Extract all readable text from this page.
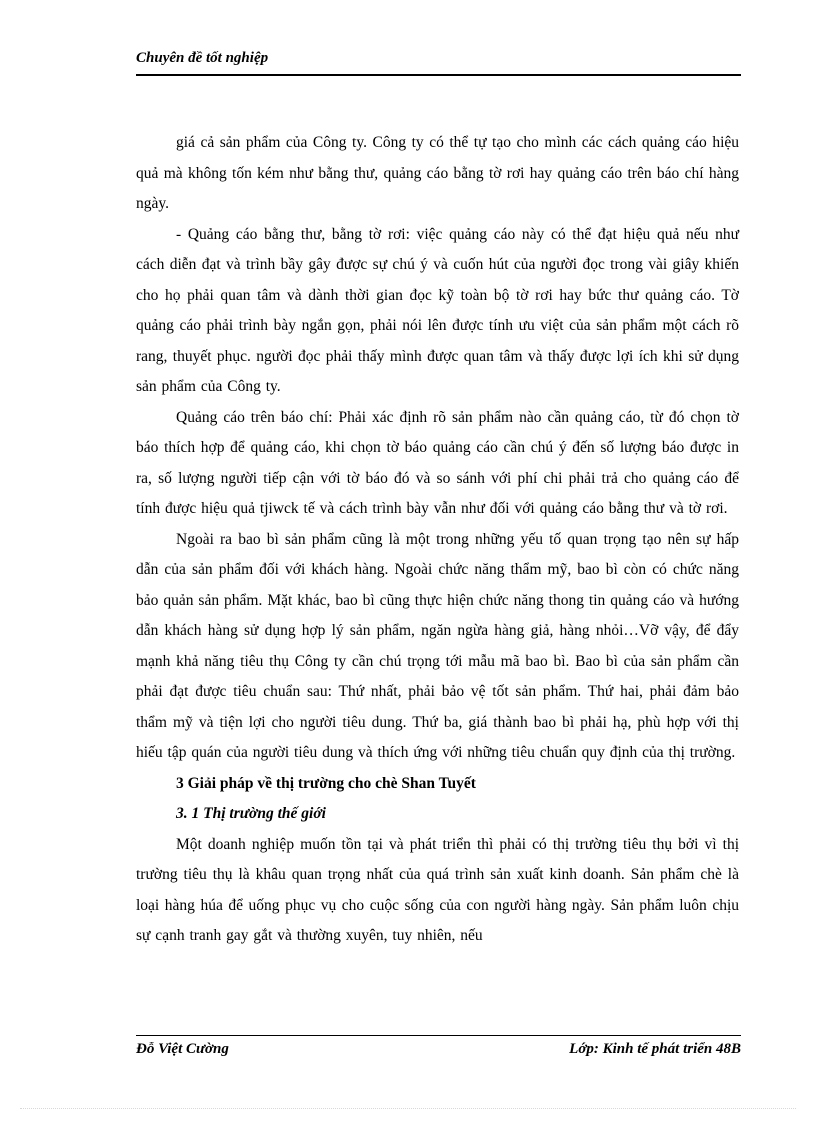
Chuyên đề tốt nghiệp

giá cả sản phẩm của Công ty. Công ty có thể tự tạo cho mình các cách quảng cáo hiệu quả mà không tốn kém như bằng thư, quảng cáo bằng tờ rơi hay quảng cáo trên báo chí hàng ngày.

- Quảng cáo bằng thư, bằng tờ rơi: việc quảng cáo này có thể đạt hiệu quả nếu như cách diễn đạt và trình bầy gây được sự chú ý và cuốn hút của người đọc trong vài giây khiến cho họ phải quan tâm và dành thời gian đọc kỹ toàn bộ tờ rơi hay bức thư quảng cáo. Tờ quảng cáo phải trình bày ngắn gọn, phải nói lên được tính ưu việt của sản phẩm một cách rõ rang, thuyết phục. người đọc phải thấy mình được quan tâm và thấy được lợi ích khi sử dụng sản phẩm của Công ty.

Quảng cáo trên báo chí: Phải xác định rõ sản phẩm nào cần quảng cáo, từ đó chọn tờ báo thích hợp để quảng cáo, khi chọn tờ báo quảng cáo cần chú ý đến số lượng báo được in ra, số lượng người tiếp cận với tờ báo đó và so sánh với phí chi phải trả cho quảng cáo để tính được hiệu quả tjiwck tế và cách trình bày vẫn như đối với quảng cáo bằng thư và tờ rơi.

Ngoài ra bao bì sản phẩm cũng là một trong những yếu tố quan trọng tạo nên sự hấp dẫn của sản phẩm đối với khách hàng. Ngoài chức năng thẩm mỹ, bao bì còn có chức năng bảo quản sản phẩm. Mặt khác, bao bì cũng thực hiện chức năng thong tin quảng cáo và hướng dẫn khách hàng sử dụng hợp lý sản phẩm, ngăn ngừa hàng giả, hàng nhỏi…Vỡ vậy, để đẩy mạnh khả năng tiêu thụ Công ty cần chú trọng tới mẫu mã bao bì. Bao bì của sản phẩm cần phải đạt được tiêu chuẩn sau: Thứ nhất, phải bảo vệ tốt sản phẩm. Thứ hai, phải đảm bảo thẩm mỹ và tiện lợi cho người tiêu dung. Thứ ba, giá thành bao bì phải hạ, phù hợp với thị hiếu tập quán của người tiêu dung và thích ứng với những tiêu chuẩn quy định của thị trường.

3 Giải pháp về thị trường cho chè Shan Tuyết

3. 1 Thị trường thế giới

Một doanh nghiệp muốn tồn tại và phát triển thì phải có thị trường tiêu thụ bởi vì thị trường tiêu thụ là khâu quan trọng nhất của quá trình sản xuất kinh doanh. Sản phẩm chè là loại hàng húa để uống phục vụ cho cuộc sống của con người hàng ngày. Sản phẩm luôn chịu sự cạnh tranh gay gắt và thường xuyên, tuy nhiên, nếu

Đỗ Việt Cường	Lớp: Kinh tế phát triển 48B
